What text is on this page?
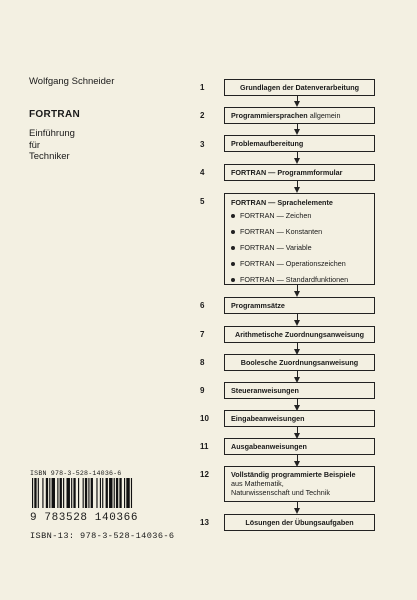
Wolfgang Schneider
FORTRAN
Einführung
für
Techniker
1	Grundlagen der Datenverarbeitung
2	Programmiersprachen allgemein
3	Problemaufbereitung
4	FORTRAN — Programmformular
5	FORTRAN — Sprachelemente
FORTRAN — Zeichen
FORTRAN — Konstanten
FORTRAN — Variable
FORTRAN — Operationszeichen
FORTRAN — Standardfunktionen
6	Programmsätze
7	Arithmetische Zuordnungsanweisung
8	Boolesche Zuordnungsanweisung
9	Steueranweisungen
10	Eingabeanweisungen
11	Ausgabeanweisungen
12	Vollständig programmierte Beispiele
aus Mathematik,
Naturwissenschaft und Technik
13	Lösungen der Übungsaufgaben
ISBN 978-3-528-14036-6
9 783528 140366
ISBN-13: 978-3-528-14036-6
